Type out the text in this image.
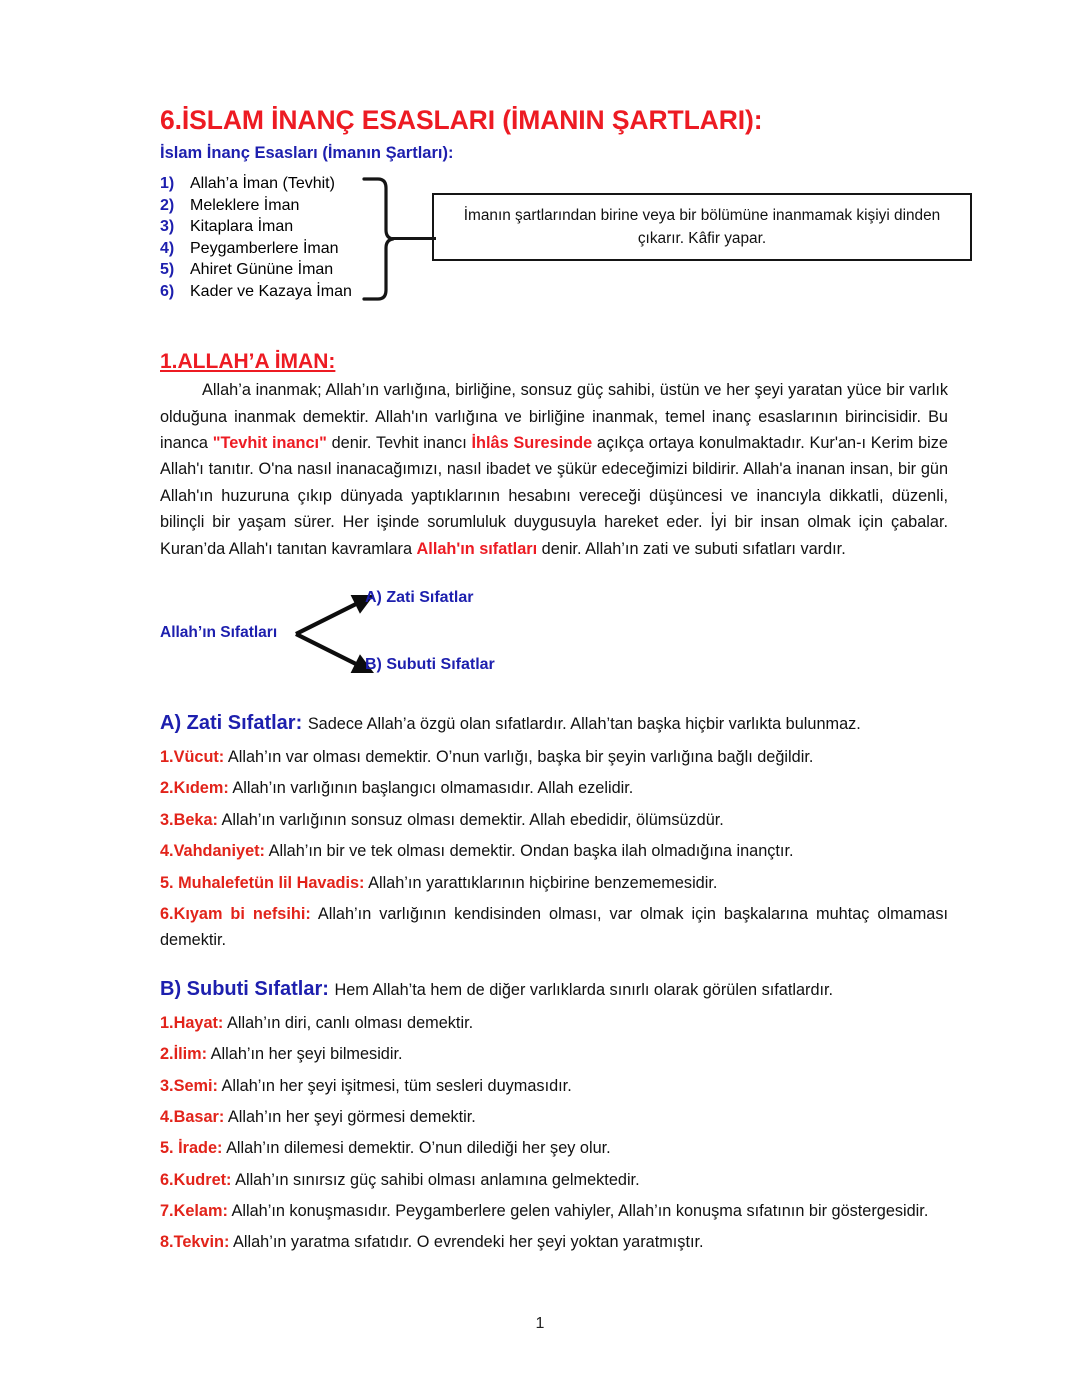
6.İSLAM İNANÇ ESASLARI (İMANIN ŞARTLARI):
İslam İnanç Esasları (İmanın Şartları):
1) Allah’a İman (Tevhit)
2) Meleklere İman
3) Kitaplara İman
4) Peygamberlere İman
5) Ahiret Gününe İman
6) Kader ve Kazaya İman
İmanın şartlarından birine veya bir bölümüne inanmamak kişiyi dinden çıkarır. Kâfir yapar.
1.ALLAH’A İMAN:

Allah’a inanmak; Allah’ın varlığına, birliğine, sonsuz güç sahibi, üstün ve her şeyi yaratan yüce bir varlık olduğuna inanmak demektir. Allah'ın varlığına ve birliğine inanmak, temel inanç esaslarının birincisidir. Bu inanca "Tevhit inancı" denir. Tevhit inancı İhlâs Suresinde açıkça ortaya konulmaktadır. Kur'an-ı Kerim bize Allah'ı tanıtır. O'na nasıl inanacağımızı, nasıl ibadet ve şükür edeceğimizi bildirir. Allah'a inanan insan, bir gün Allah'ın huzuruna çıkıp dünyada yaptıklarının hesabını vereceği düşüncesi ve inancıyla dikkatli, düzenli, bilinçli bir yaşam sürer. Her işinde sorumluluk duygusuyla hareket eder. İyi bir insan olmak için çabalar. Kuran’da Allah'ı tanıtan kavramlara Allah'ın sıfatları denir. Allah’ın zati ve subuti sıfatları vardır.

Allah’ın Sıfatları
A) Zati Sıfatlar
B) Subuti Sıfatlar

A) Zati Sıfatlar: Sadece Allah’a özgü olan sıfatlardır. Allah’tan başka hiçbir varlıkta bulunmaz.

1.Vücut: Allah’ın var olması demektir. O’nun varlığı, başka bir şeyin varlığına bağlı değildir.

2.Kıdem: Allah’ın varlığının başlangıcı olmamasıdır. Allah ezelidir.

3.Beka: Allah’ın varlığının sonsuz olması demektir. Allah ebedidir, ölümsüzdür.

4.Vahdaniyet: Allah’ın bir ve tek olması demektir. Ondan başka ilah olmadığına inançtır.

5. Muhalefetün lil Havadis: Allah’ın yarattıklarının hiçbirine benzememesidir.

6.Kıyam bi nefsihi: Allah’ın varlığının kendisinden olması, var olmak için başkalarına muhtaç olmaması demektir.

B) Subuti Sıfatlar: Hem Allah’ta hem de diğer varlıklarda sınırlı olarak görülen sıfatlardır.

1.Hayat: Allah’ın diri, canlı olması demektir.

2.İlim: Allah’ın her şeyi bilmesidir.

3.Semi: Allah’ın her şeyi işitmesi, tüm sesleri duymasıdır.

4.Basar: Allah’ın her şeyi görmesi demektir.

5. İrade: Allah’ın dilemesi demektir. O’nun dilediği her şey olur.

6.Kudret: Allah’ın sınırsız güç sahibi olması anlamına gelmektedir.

7.Kelam: Allah’ın konuşmasıdır. Peygamberlere gelen vahiyler, Allah’ın konuşma sıfatının bir göstergesidir.

8.Tekvin: Allah’ın yaratma sıfatıdır. O evrendeki her şeyi yoktan yaratmıştır.

1
